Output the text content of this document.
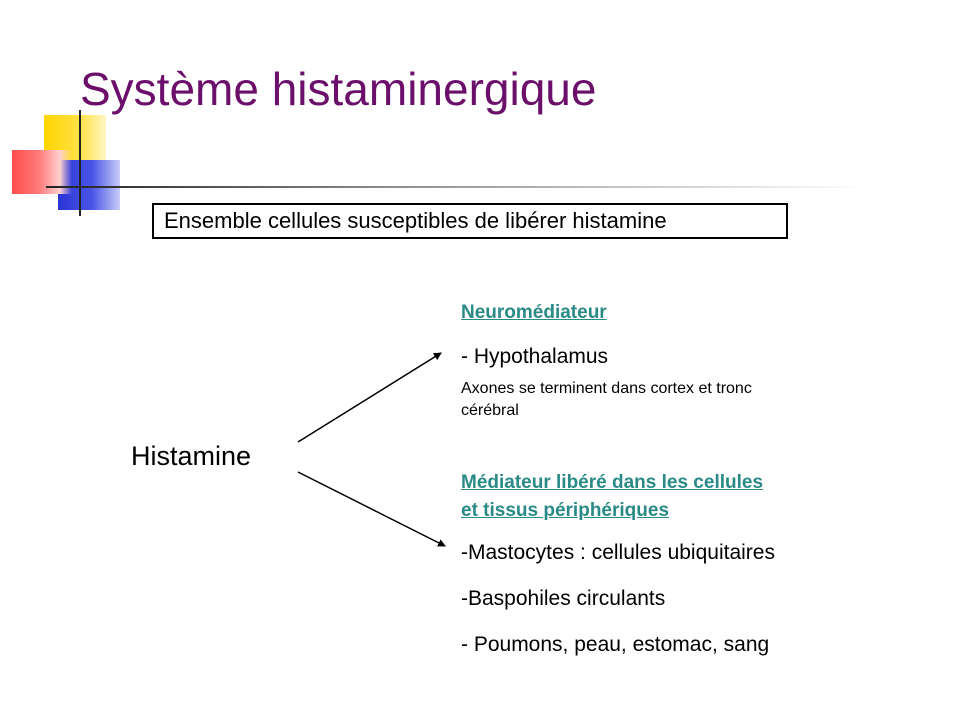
Système histaminergique
Ensemble cellules susceptibles de libérer histamine
Histamine
Neuromédiateur
- Hypothalamus
Axones se terminent dans cortex et tronc
cérébral
Médiateur libéré dans les cellules
et tissus périphériques
-Mastocytes : cellules ubiquitaires
-Baspohiles circulants
- Poumons, peau, estomac, sang
